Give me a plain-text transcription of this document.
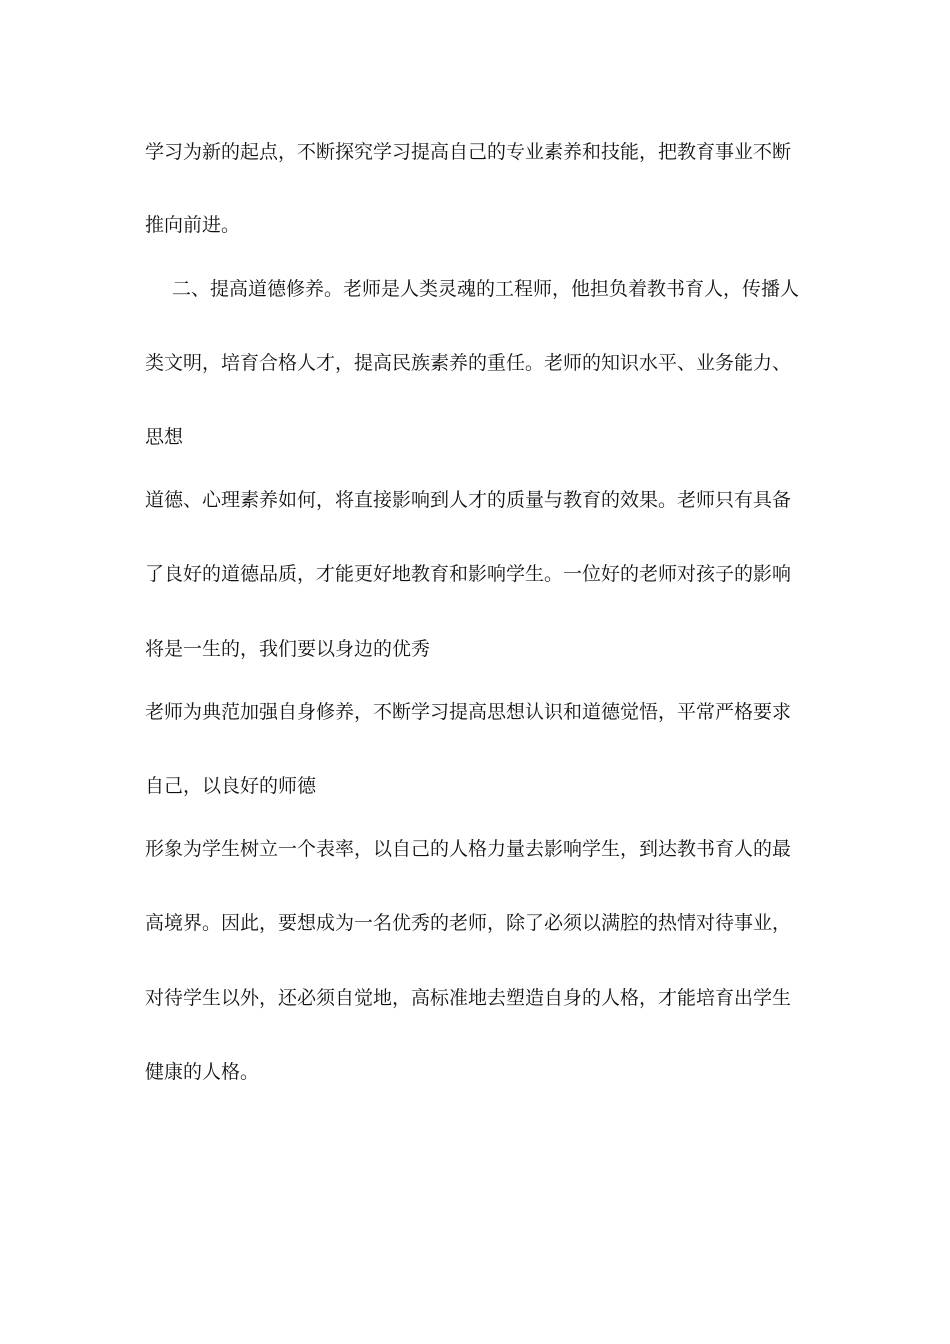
学习为新的起点，不断探究学习提高自己的专业素养和技能，把教育事业不断
推向前进。
二、提高道德修养。老师是人类灵魂的工程师，他担负着教书育人，传播人
类文明，培育合格人才，提高民族素养的重任。老师的知识水平、业务能力、
思想
道德、心理素养如何，将直接影响到人才的质量与教育的效果。老师只有具备
了良好的道德品质，才能更好地教育和影响学生。一位好的老师对孩子的影响
将是一生的，我们要以身边的优秀
老师为典范加强自身修养，不断学习提高思想认识和道德觉悟，平常严格要求
自己，以良好的师德
形象为学生树立一个表率，以自己的人格力量去影响学生，到达教书育人的最
高境界。因此，要想成为一名优秀的老师，除了必须以满腔的热情对待事业，
对待学生以外，还必须自觉地，高标准地去塑造自身的人格，才能培育出学生
健康的人格。
